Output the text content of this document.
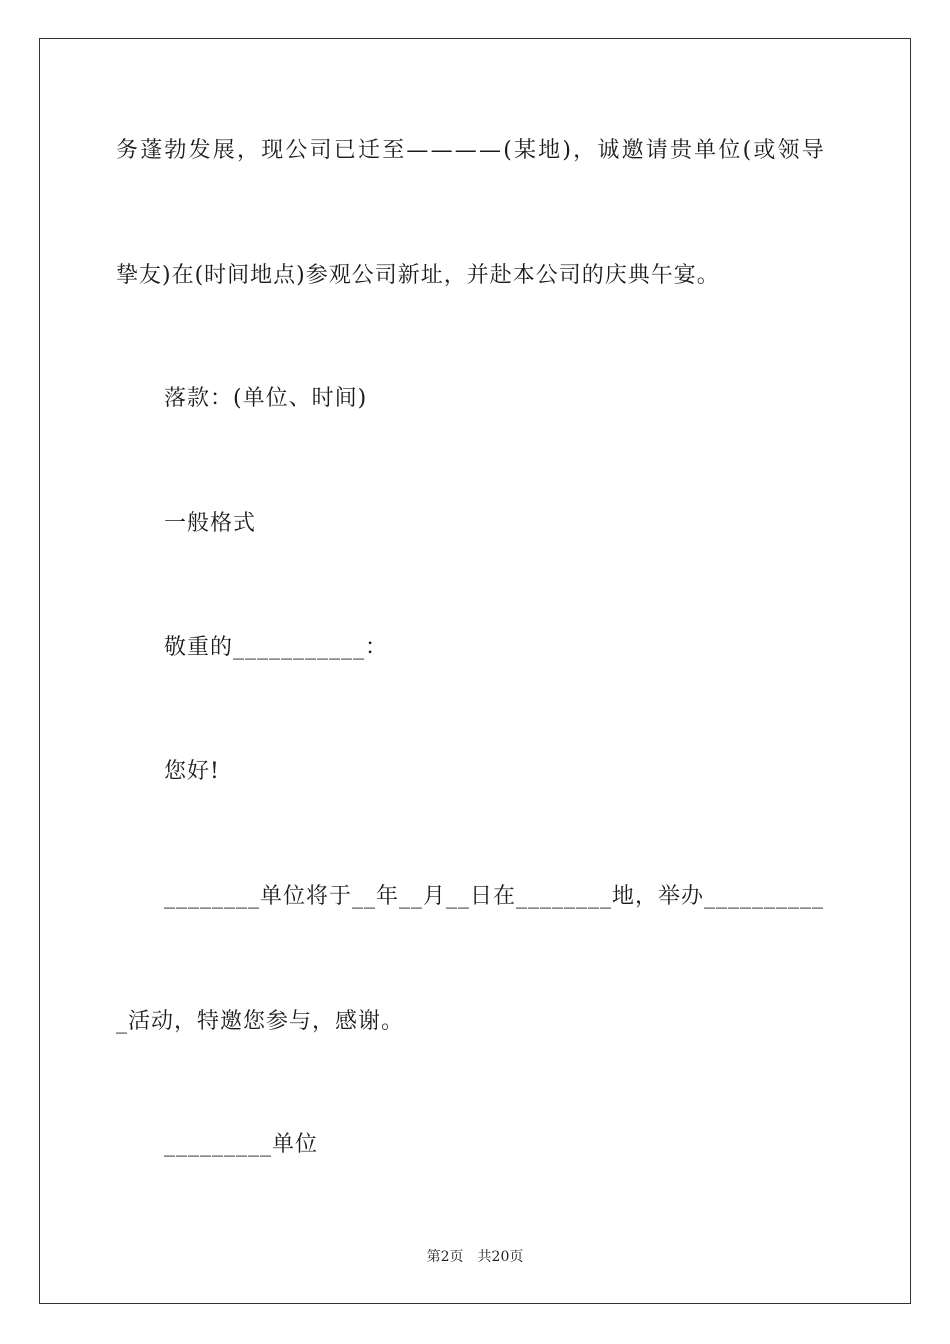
务蓬勃发展，现公司已迁至————(某地)，诚邀请贵单位(或领导
挚友)在(时间地点)参观公司新址，并赴本公司的庆典午宴。
落款：(单位、时间)
一般格式
敬重的___________：
您好!
________单位将于__年__月__日在________地，举办__________
_活动，特邀您参与，感谢。
_________单位
第2页 共20页
